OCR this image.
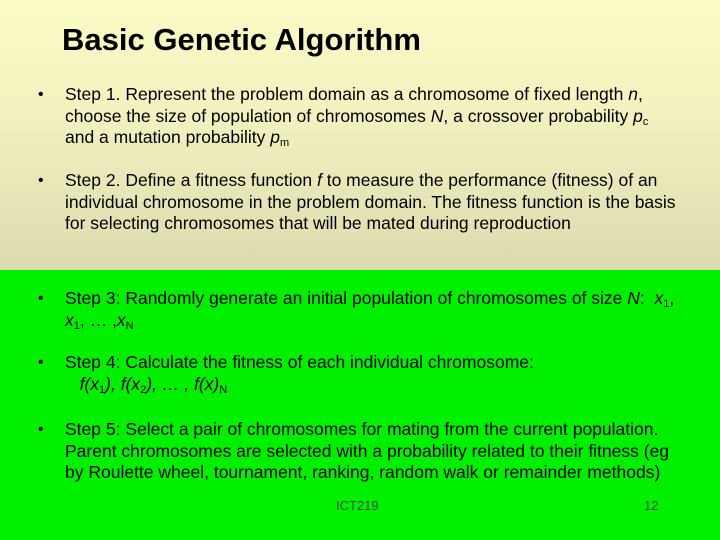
Basic Genetic Algorithm
• Step 1. Represent the problem domain as a chromosome of fixed length n, choose the size of population of chromosomes N, a crossover probability $p_c$ and a mutation probability $p_m$
• Step 2. Define a fitness function f to measure the performance (fitness) of an individual chromosome in the problem domain. The fitness function is the basis for selecting chromosomes that will be mated during reproduction
• Step 3: Randomly generate an initial population of chromosomes of size N:  $x_1$, $x_1$, … $,x_N$
• Step 4: Calculate the fitness of each individual chromosome:
$f(x_1)$, $f(x_2)$, … , $f(x)_N$
• Step 5: Select a pair of chromosomes for mating from the current population. Parent chromosomes are selected with a probability related to their fitness (eg by Roulette wheel, tournament, ranking, random walk or remainder methods)
ICT219	12
